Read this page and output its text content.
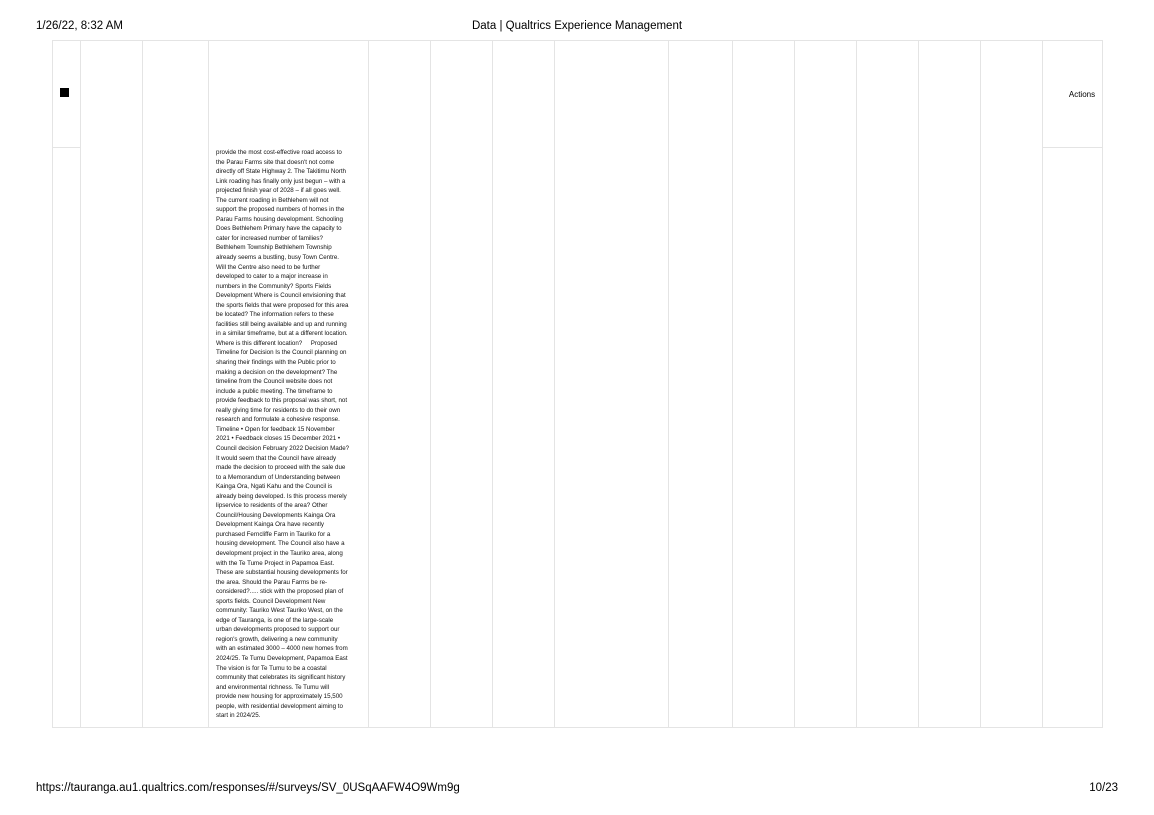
1/26/22, 8:32 AM	Data | Qualtrics Experience Management
Actions
provide the most cost-effective road access to
the Parau Farms site that doesn't not come
directly off State Highway 2. The Takitimu North
Link roading has finally only just begun – with a
projected finish year of 2028 – if all goes well.
The current roading in Bethlehem will not
support the proposed numbers of homes in the
Parau Farms housing development. Schooling
Does Bethlehem Primary have the capacity to
cater for increased number of families?
Bethlehem Township Bethlehem Township
already seems a bustling, busy Town Centre.
Will the Centre also need to be further
developed to cater to a major increase in
numbers in the Community? Sports Fields
Development Where is Council envisioning that
the sports fields that were proposed for this area
be located? The information refers to these
facilities still being available and up and running
in a similar timeframe, but at a different location.
Where is this different location?     Proposed
Timeline for Decision Is the Council planning on
sharing their findings with the Public prior to
making a decision on the development? The
timeline from the Council website does not
include a public meeting. The timeframe to
provide feedback to this proposal was short, not
really giving time for residents to do their own
research and formulate a cohesive response.
Timeline • Open for feedback 15 November
2021 • Feedback closes 15 December 2021 •
Council decision February 2022 Decision Made?
It would seem that the Council have already
made the decision to proceed with the sale due
to a Memorandum of Understanding between
Kainga Ora, Ngati Kahu and the Council is
already being developed. Is this process merely
lipservice to residents of the area? Other
Council/Housing Developments Kainga Ora
Development Kainga Ora have recently
purchased Ferncliffe Farm in Tauriko for a
housing development. The Council also have a
development project in the Tauriko area, along
with the Te Tume Project in Papamoa East.
These are substantial housing developments for
the area. Should the Parau Farms be re-
considered?..... stick with the proposed plan of
sports fields. Council Development New
community: Tauriko West Tauriko West, on the
edge of Tauranga, is one of the large-scale
urban developments proposed to support our
region's growth, delivering a new community
with an estimated 3000 – 4000 new homes from
2024/25. Te Tumu Development, Papamoa East
The vision is for Te Tumu to be a coastal
community that celebrates its significant history
and environmental richness. Te Tumu will
provide new housing for approximately 15,500
people, with residential development aiming to
start in 2024/25.
https://tauranga.au1.qualtrics.com/responses/#/surveys/SV_0USqAAFW4O9Wm9g	10/23
